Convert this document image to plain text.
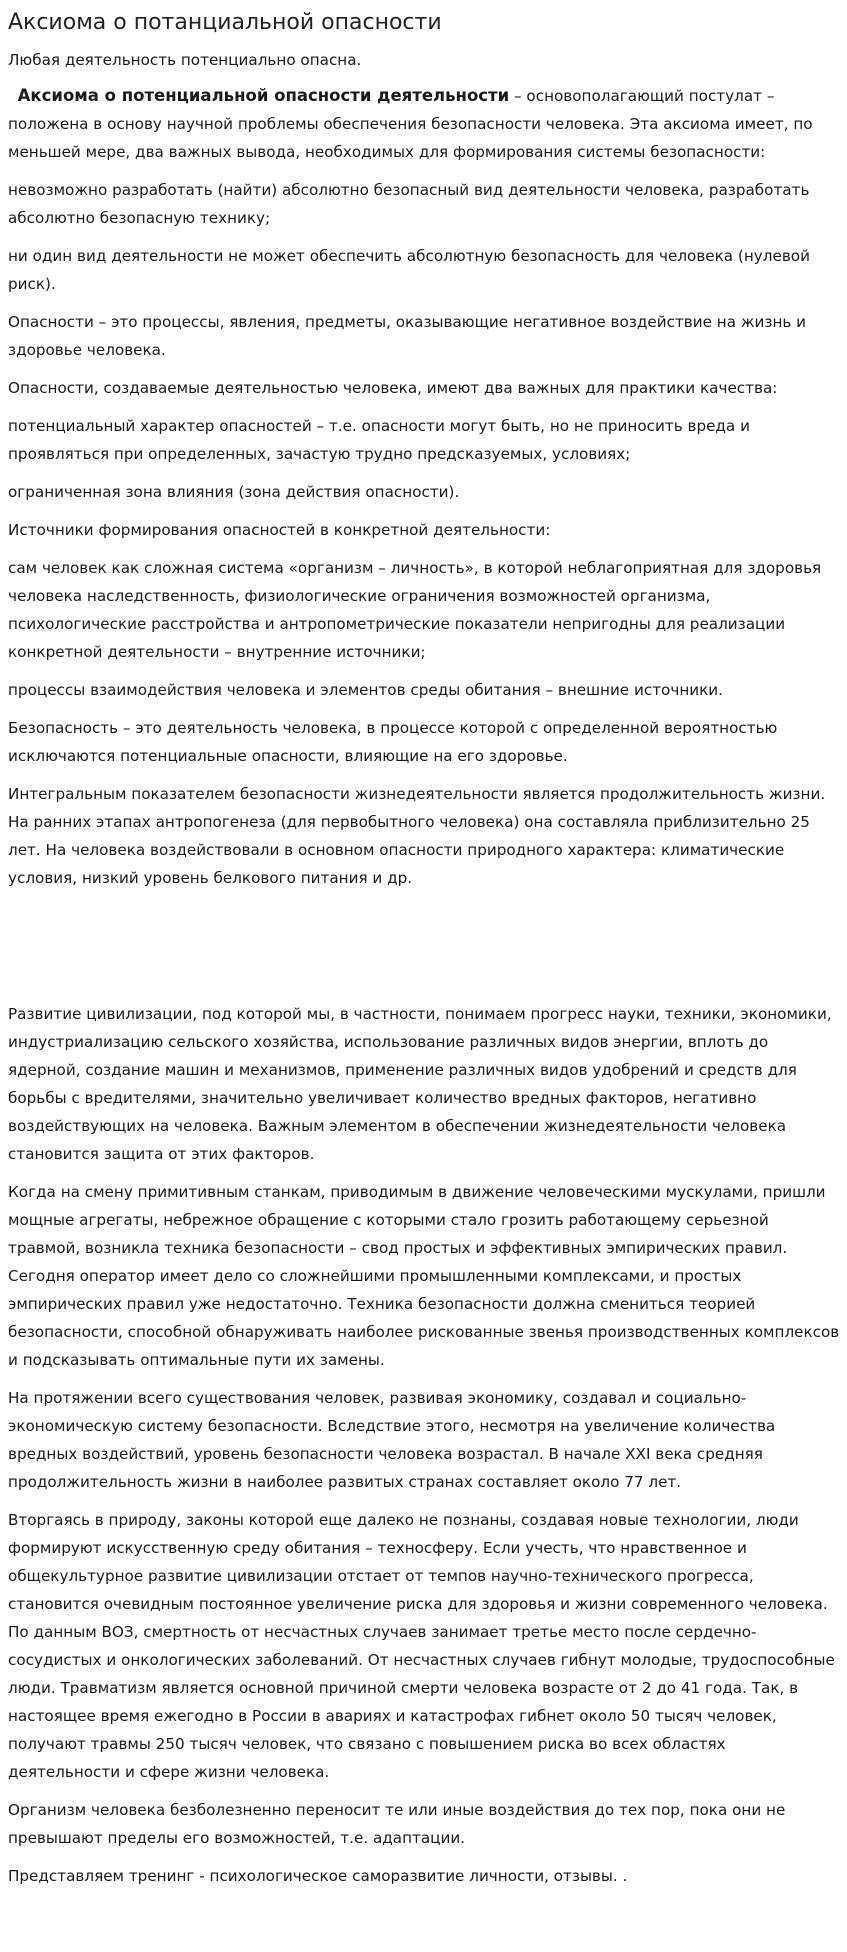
Аксиома о потанциальной опасности

Любая деятельность потенциально опасна.

Аксиома о потенциальной опасности деятельности – основополагающий постулат – положена в основу научной проблемы обеспечения безопасности человека. Эта аксиома имеет, по меньшей мере, два важных вывода, необходимых для формирования системы безопасности:

невозможно разработать (найти) абсолютно безопасный вид деятельности человека, разработать абсолютно безопасную технику;

ни один вид деятельности не может обеспечить абсолютную безопасность для человека (нулевой риск).

Опасности – это процессы, явления, предметы, оказывающие негативное воздействие на жизнь и здоровье человека.

Опасности, создаваемые деятельностью человека, имеют два важных для практики качества:

потенциальный характер опасностей – т.е. опасности могут быть, но не приносить вреда и проявляться при определенных, зачастую трудно предсказуемых, условиях;

ограниченная зона влияния (зона действия опасности).

Источники формирования опасностей в конкретной деятельности:

сам человек как сложная система «организм – личность», в которой неблагоприятная для здоровья человека наследственность, физиологические ограничения возможностей организма, психологические расстройства и антропометрические показатели непригодны для реализации конкретной деятельности – внутренние источники;

процессы взаимодействия человека и элементов среды обитания – внешние источники.

Безопасность – это деятельность человека, в процессе которой с определенной вероятностью исключаются потенциальные опасности, влияющие на его здоровье.

Интегральным показателем безопасности жизнедеятельности является продолжительность жизни. На ранних этапах антропогенеза (для первобытного человека) она составляла приблизительно 25 лет. На человека воздействовали в основном опасности природного характера: климатические условия, низкий уровень белкового питания и др.

Развитие цивилизации, под которой мы, в частности, понимаем прогресс науки, техники, экономики, индустриализацию сельского хозяйства, использование различных видов энергии, вплоть до ядерной, создание машин и механизмов, применение различных видов удобрений и средств для борьбы с вредителями, значительно увеличивает количество вредных факторов, негативно воздействующих на человека. Важным элементом в обеспечении жизнедеятельности человека становится защита от этих факторов.

Когда на смену примитивным станкам, приводимым в движение человеческими мускулами, пришли мощные агрегаты, небрежное обращение с которыми стало грозить работающему серьезной травмой, возникла техника безопасности – свод простых и эффективных эмпирических правил. Сегодня оператор имеет дело со сложнейшими промышленными комплексами, и простых эмпирических правил уже недостаточно. Техника безопасности должна смениться теорией безопасности, способной обнаруживать наиболее рискованные звенья производственных комплексов и подсказывать оптимальные пути их замены.

На протяжении всего существования человек, развивая экономику, создавал и социально-экономическую систему безопасности. Вследствие этого, несмотря на увеличение количества вредных воздействий, уровень безопасности человека возрастал. В начале XXI века средняя продолжительность жизни в наиболее развитых странах составляет около 77 лет.

Вторгаясь в природу, законы которой еще далеко не познаны, создавая новые технологии, люди формируют искусственную среду обитания – техносферу. Если учесть, что нравственное и общекультурное развитие цивилизации отстает от темпов научно-технического прогресса, становится очевидным постоянное увеличение риска для здоровья и жизни современного человека. По данным ВОЗ, смертность от несчастных случаев занимает третье место после сердечно-сосудистых и онкологических заболеваний. От несчастных случаев гибнут молодые, трудоспособные люди. Травматизм является основной причиной смерти человека возрасте от 2 до 41 года. Так, в настоящее время ежегодно в России в авариях и катастрофах гибнет около 50 тысяч человек, получают травмы 250 тысяч человек, что связано с повышением риска во всех областях деятельности и сфере жизни человека.

Организм человека безболезненно переносит те или иные воздействия до тех пор, пока они не превышают пределы его возможностей, т.е. адаптации.

Представляем тренинг - психологическое саморазвитие личности, отзывы. .
